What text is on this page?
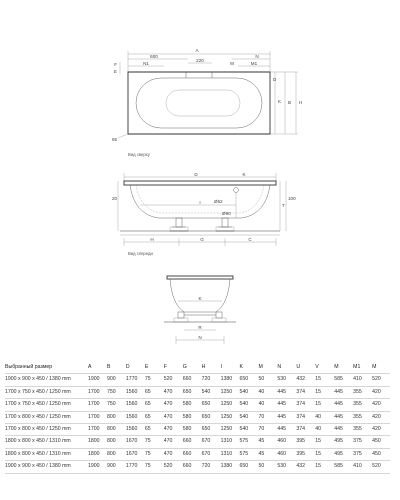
A
600
220
N
M1
N1	M
F
E
K B H
D
65
Вид сверху
D	K
Ø52
Ø90
I
H	G	C
20
T
100
Вид спереди
K
R
N
Выбранный размер	A	B	D	E	F	G	H	I	K	M	N	U	V	M	M1	M
1900 x 900 x 450 / 1380 mm	1900	900	1770	75	520	660	720	1380	650	50	530	432	15	585	410	520
1700 x 750 x 450 / 1250 mm	1700	750	1560	65	470	650	540	1250	540	40	445	374	15	445	355	420
1700 x 750 x 450 / 1250 mm	1700	750	1560	65	470	580	650	1250	540	40	445	374	15	445	355	420
1700 x 800 x 450 / 1250 mm	1700	800	1560	65	470	580	650	1250	540	70	445	374	40	445	355	420
1700 x 800 x 450 / 1250 mm	1700	800	1560	65	470	580	650	1250	540	70	445	374	40	445	355	420
1800 x 800 x 450 / 1310 mm	1800	800	1670	75	470	660	670	1310	575	45	460	395	15	495	375	450
1800 x 800 x 450 / 1310 mm	1800	800	1670	75	470	660	670	1310	575	45	460	395	15	495	375	450
1900 x 900 x 450 / 1380 mm	1900	900	1770	75	520	660	720	1380	650	50	530	432	15	585	410	520
